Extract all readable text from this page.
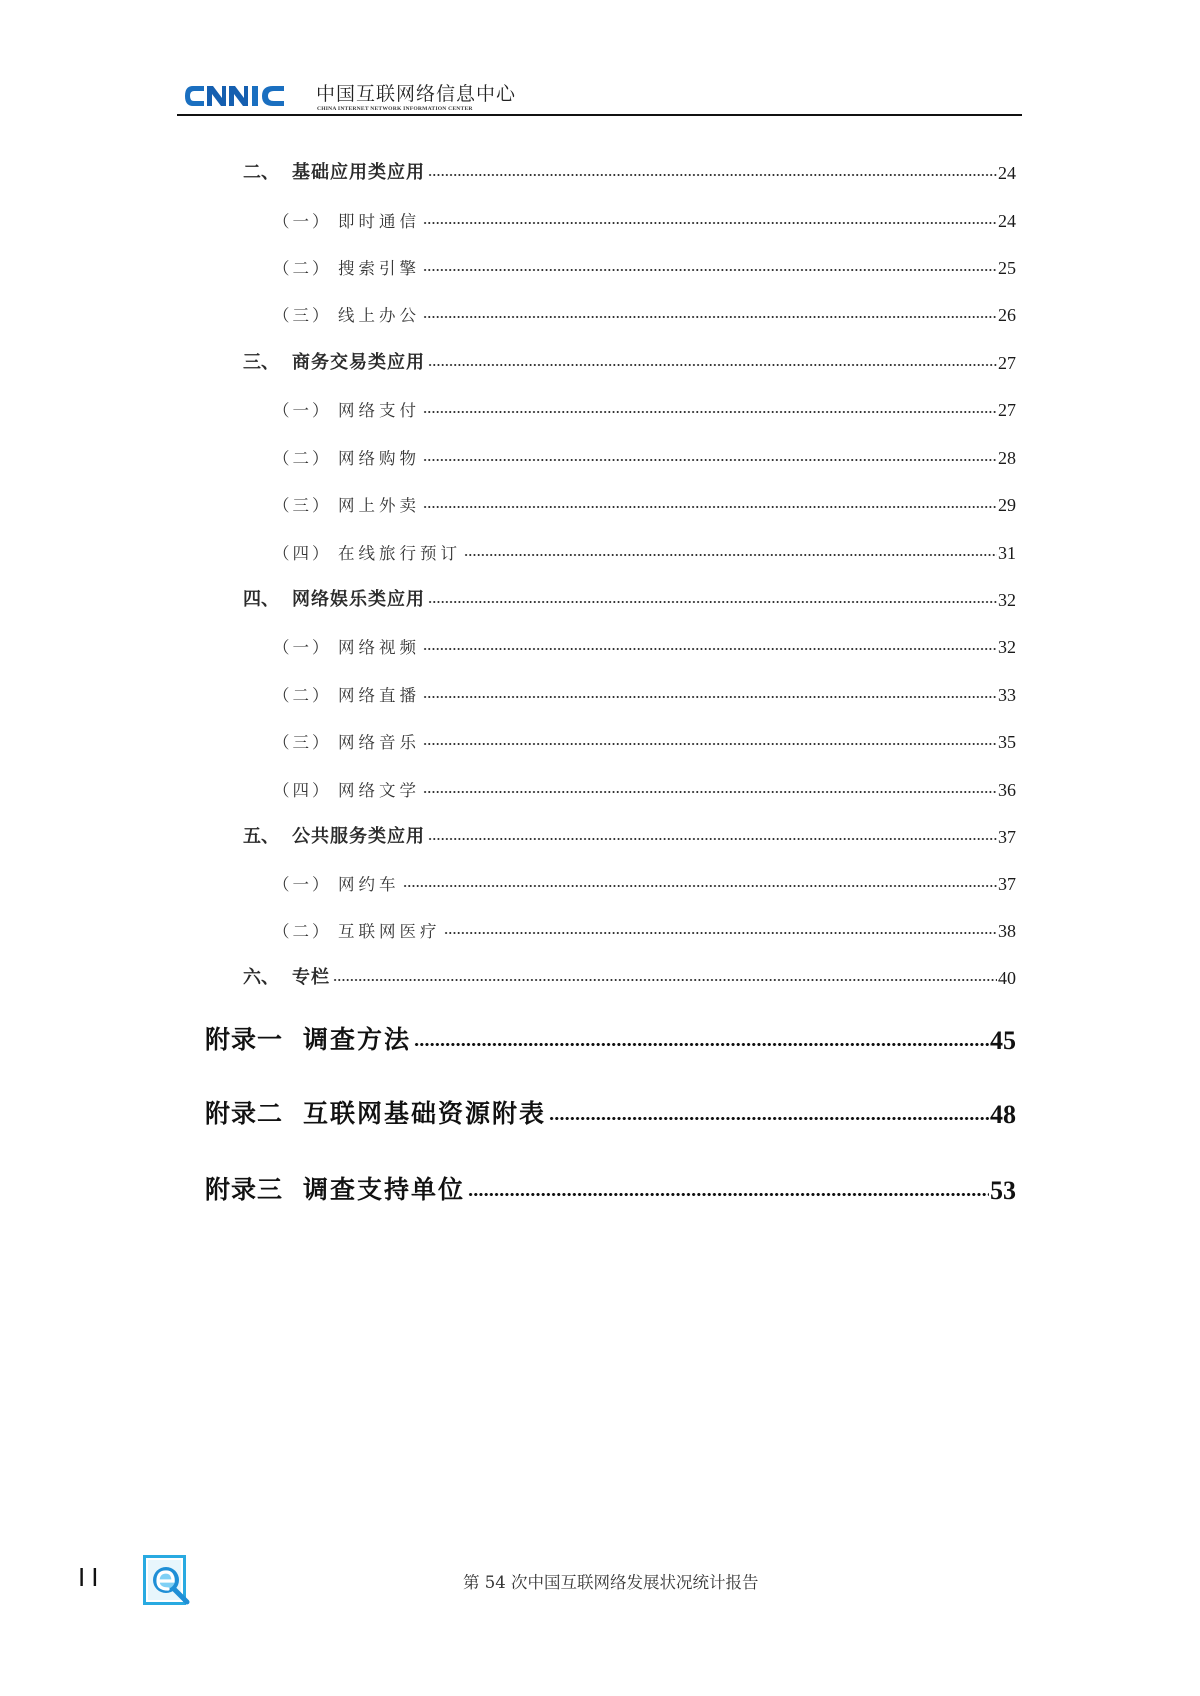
中国互联网络信息中心
CHINA INTERNET NETWORK INFORMATION CENTER
二、 基础应用类应用	24
（一） 即时通信	24
（二） 搜索引擎	25
（三） 线上办公	26
三、 商务交易类应用	27
（一） 网络支付	27
（二） 网络购物	28
（三） 网上外卖	29
（四） 在线旅行预订	31
四、 网络娱乐类应用	32
（一） 网络视频	32
（二） 网络直播	33
（三） 网络音乐	35
（四） 网络文学	36
五、 公共服务类应用	37
（一） 网约车	37
（二） 互联网医疗	38
六、 专栏	40
附录一 调查方法	45
附录二 互联网基础资源附表	48
附录三 调查支持单位	53
II	第 54 次中国互联网络发展状况统计报告
